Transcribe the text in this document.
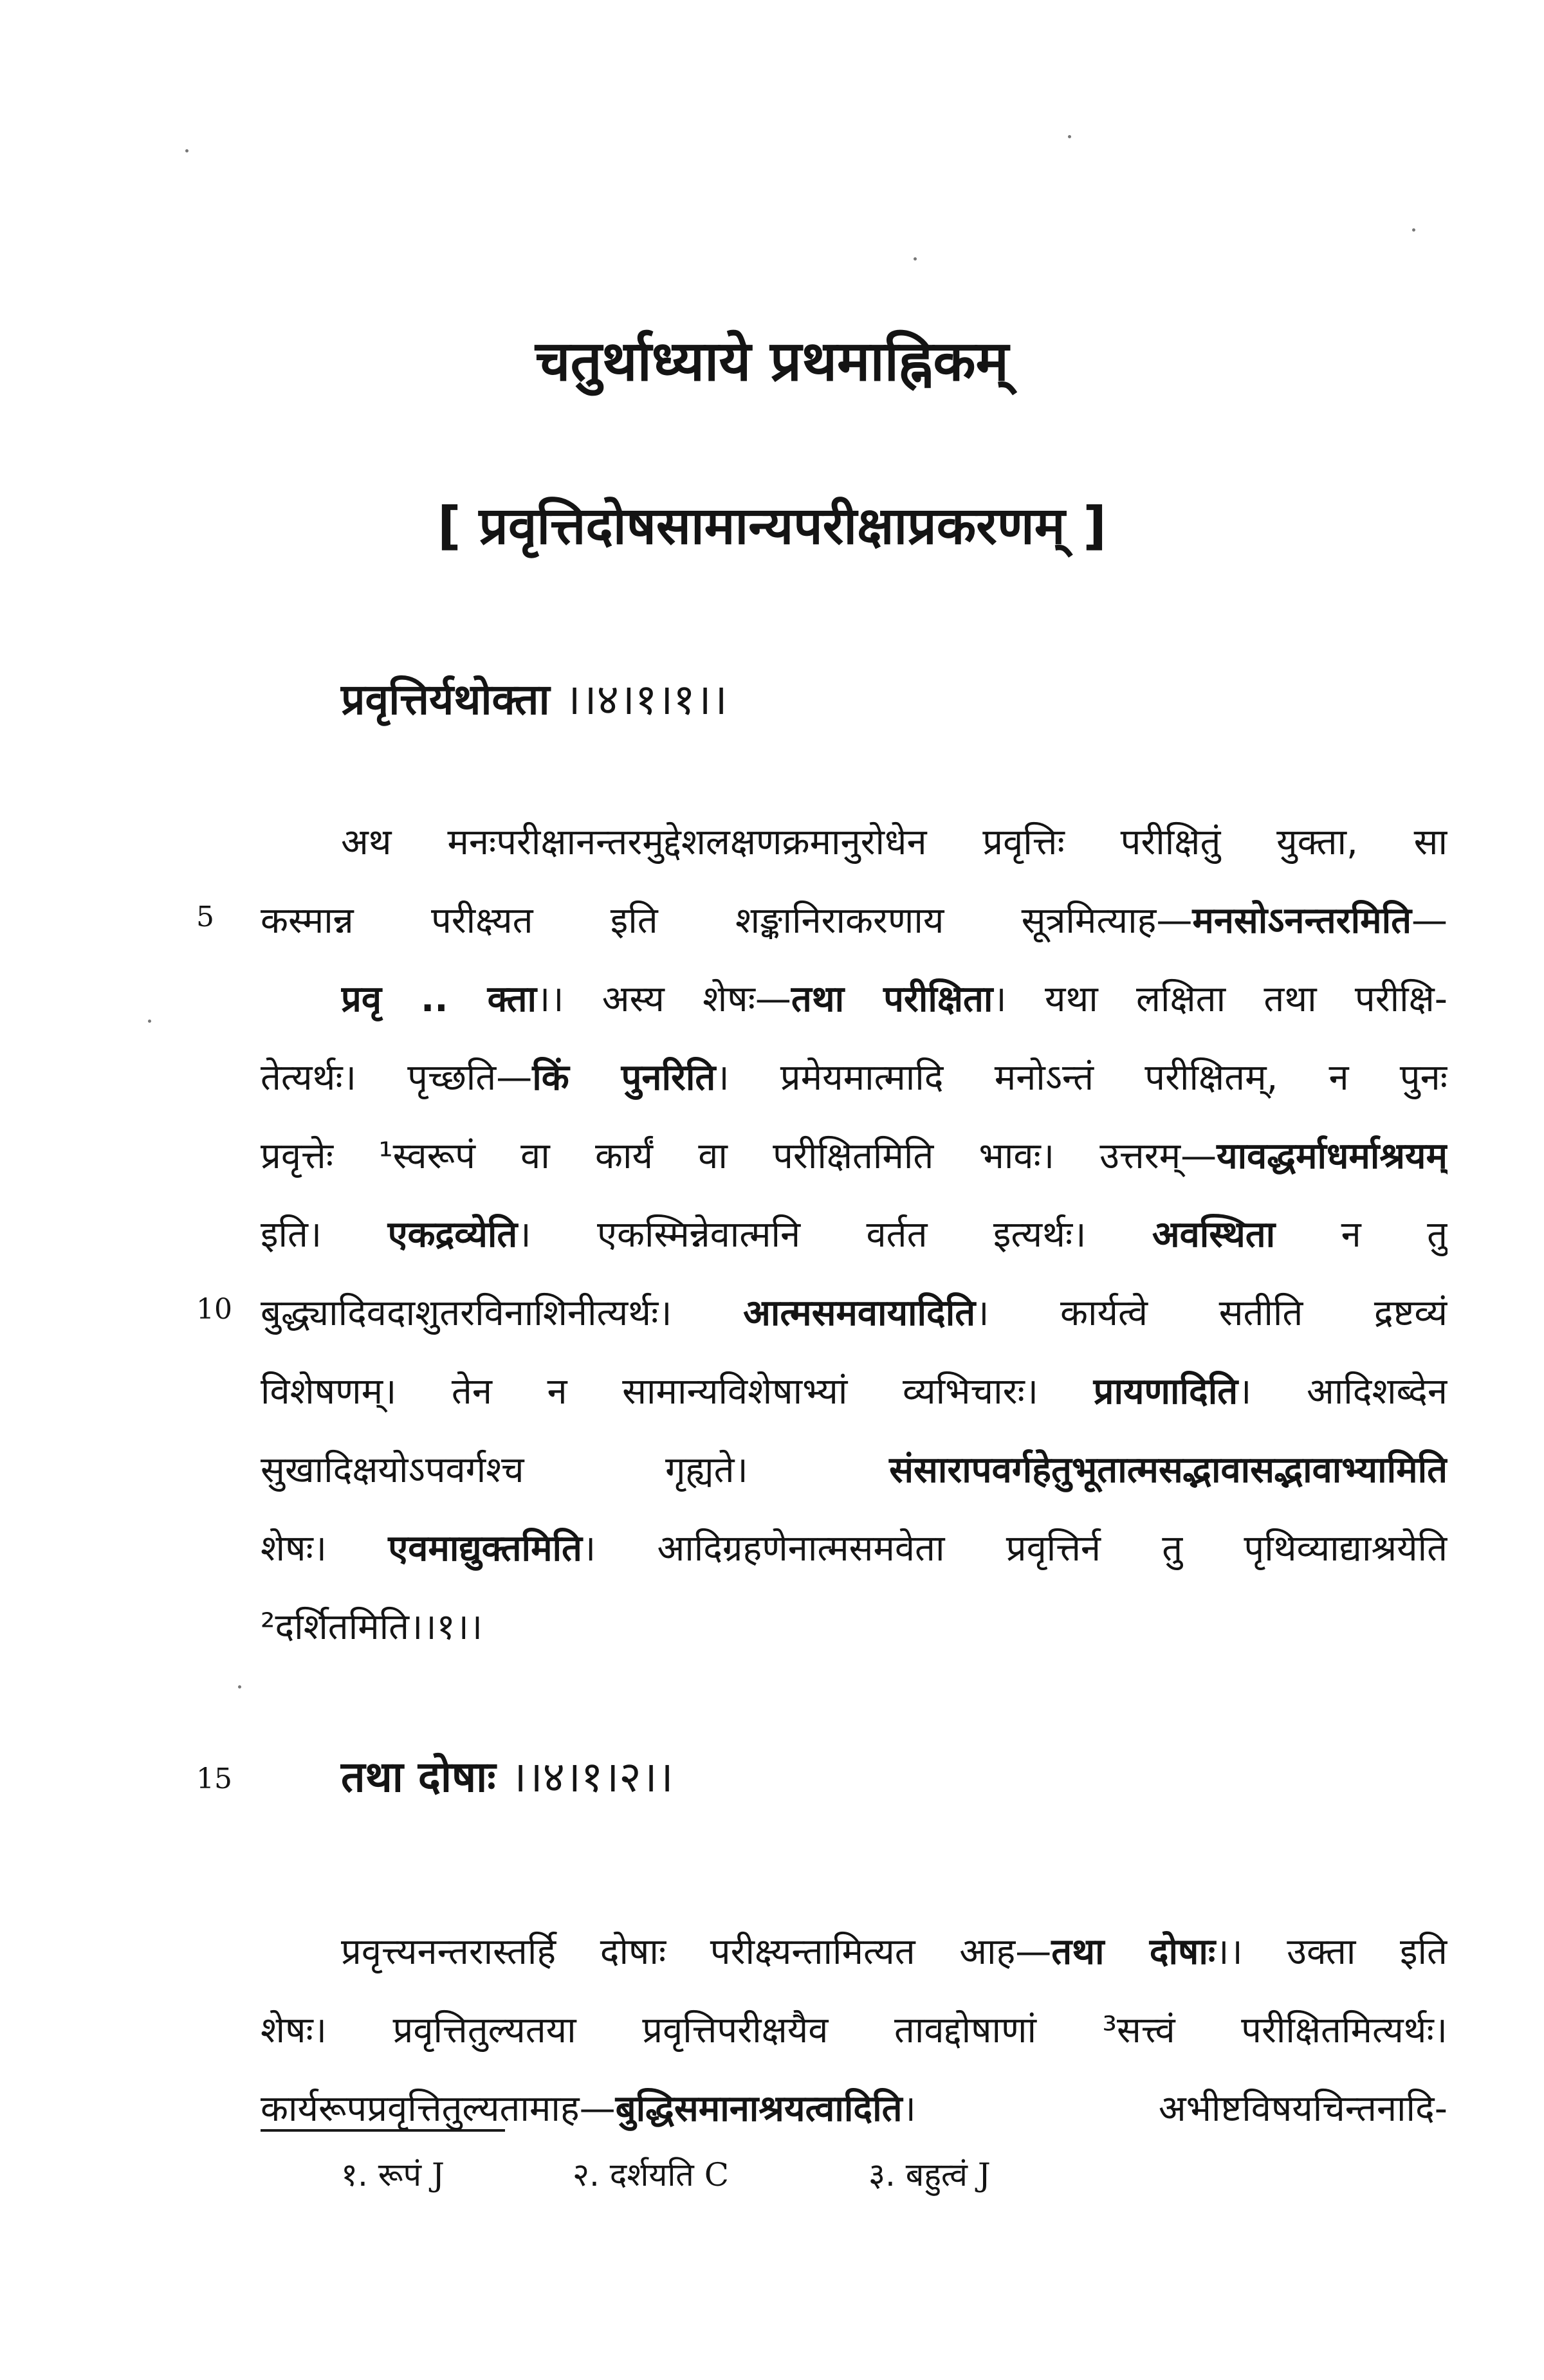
चतुर्थाध्याये प्रथमाह्निकम्
[ प्रवृत्तिदोषसामान्यपरीक्षाप्रकरणम् ]
प्रवृत्तिर्यथोक्ता ।।४।१।१।।
अथ मनःपरीक्षानन्तरमुद्देशलक्षणक्रमानुरोधेन प्रवृत्तिः परीक्षितुं युक्ता, सा
कस्मान्न परीक्ष्यत इति शङ्कानिराकरणाय सूत्रमित्याह—मनसोऽनन्तरमिति—
प्रवृ .. क्ता।। अस्य शेषः—तथा परीक्षिता। यथा लक्षिता तथा परीक्षि-
तेत्यर्थः। पृच्छति—किं पुनरिति। प्रमेयमात्मादि मनोऽन्तं परीक्षितम्, न पुनः
प्रवृत्तेः ¹स्वरूपं वा कार्यं वा परीक्षितमिति भावः। उत्तरम्—यावद्धर्माधर्माश्रयम्
इति। एकद्रव्येति। एकस्मिन्नेवात्मनि वर्तत इत्यर्थः। अवस्थिता न तु
बुद्ध्यादिवदाशुतरविनाशिनीत्यर्थः। आत्मसमवायादिति। कार्यत्वे सतीति द्रष्टव्यं
विशेषणम्। तेन न सामान्यविशेषाभ्यां व्यभिचारः। प्रायणादिति। आदिशब्देन
सुखादिक्षयोऽपवर्गश्च गृह्यते। संसारापवर्गहेतुभूतात्मसद्भावासद्भावाभ्यामिति
शेषः। एवमाद्युक्तमिति। आदिग्रहणेनात्मसमवेता प्रवृत्तिर्न तु पृथिव्याद्याश्रयेति
²दर्शितमिति।।१।।
5
10
15	तथा दोषाः ।।४।१।२।।
प्रवृत्त्यनन्तरास्तर्हि दोषाः परीक्ष्यन्तामित्यत आह—तथा दोषाः।। उक्ता इति
शेषः। प्रवृत्तितुल्यतया प्रवृत्तिपरीक्षयैव तावद्दोषाणां ³सत्त्वं परीक्षितमित्यर्थः।
कार्यरूपप्रवृत्तितुल्यतामाह—बुद्धिसमानाश्रयत्वादिति। अभीष्टविषयचिन्तनादि-
१. रूपं J	२. दर्शयति C	३. बहुत्वं J
